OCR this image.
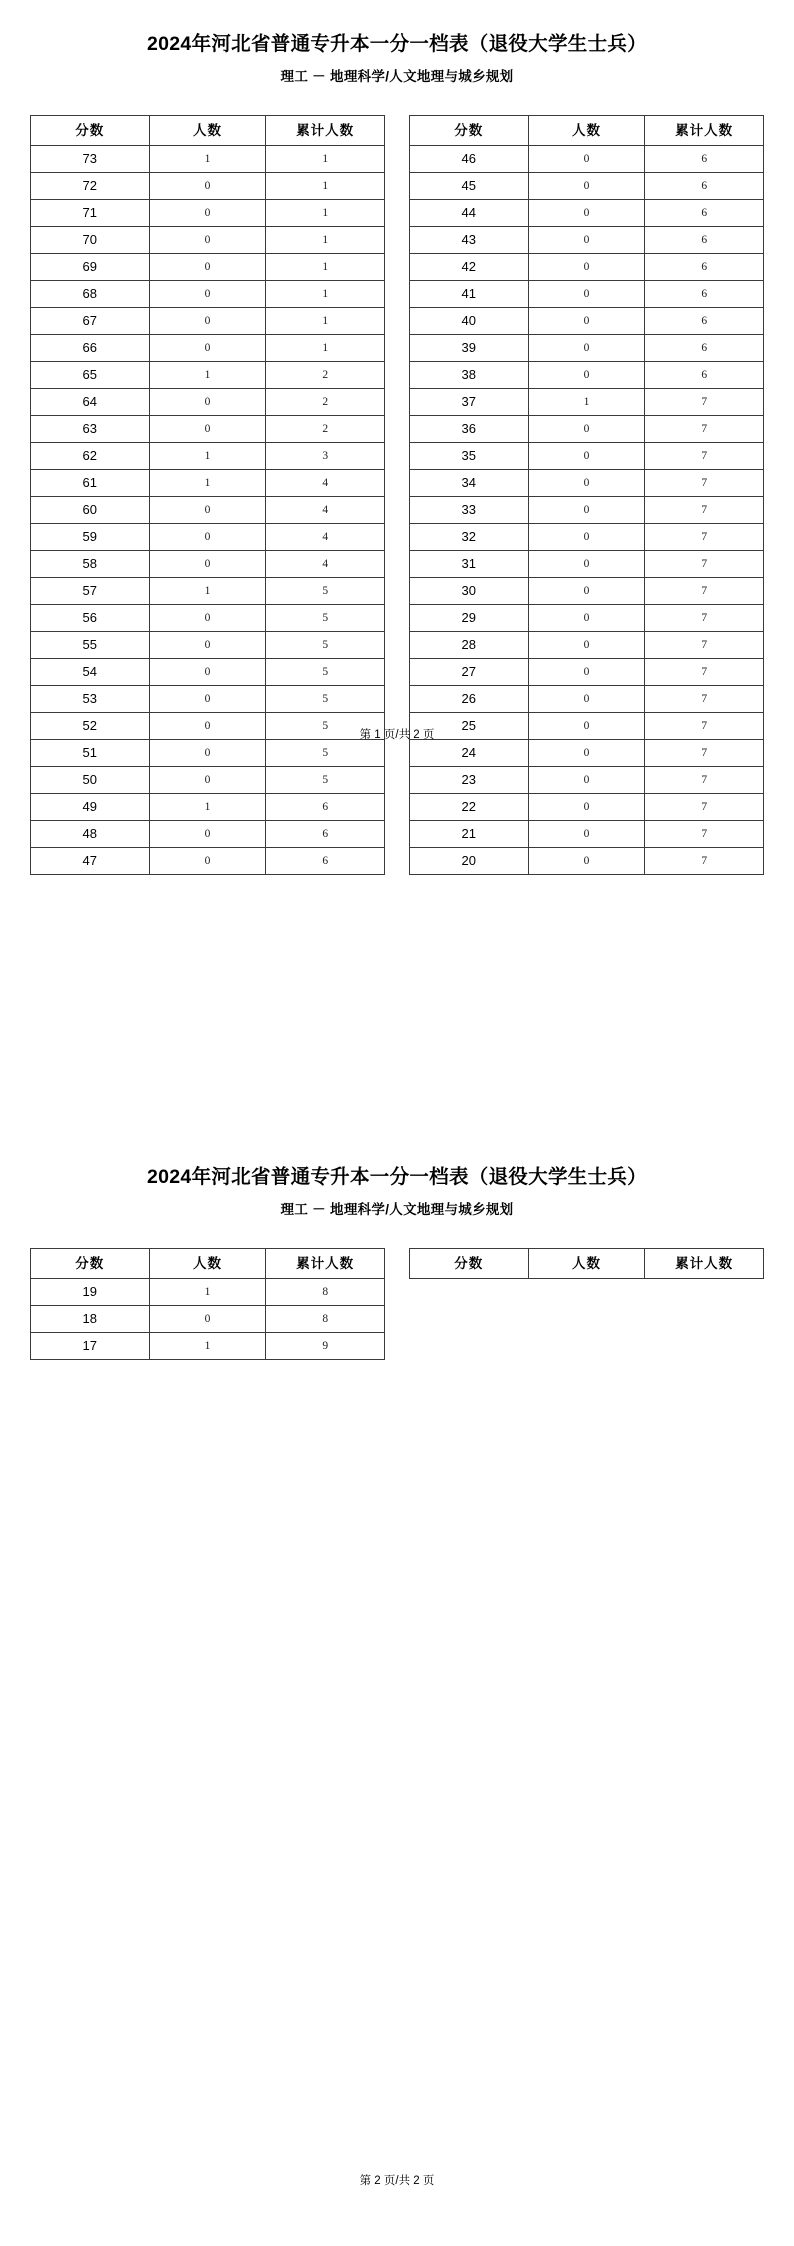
2024年河北省普通专升本一分一档表（退役大学生士兵）
理工 － 地理科学/人文地理与城乡规划
分数	人数	累计人数
73	1	1
72	0	1
71	0	1
70	0	1
69	0	1
68	0	1
67	0	1
66	0	1
65	1	2
64	0	2
63	0	2
62	1	3
61	1	4
60	0	4
59	0	4
58	0	4
57	1	5
56	0	5
55	0	5
54	0	5
53	0	5
52	0	5
51	0	5
50	0	5
49	1	6
48	0	6
47	0	6
分数	人数	累计人数
46	0	6
45	0	6
44	0	6
43	0	6
42	0	6
41	0	6
40	0	6
39	0	6
38	0	6
37	1	7
36	0	7
35	0	7
34	0	7
33	0	7
32	0	7
31	0	7
30	0	7
29	0	7
28	0	7
27	0	7
26	0	7
25	0	7
24	0	7
23	0	7
22	0	7
21	0	7
20	0	7
第 1 页/共 2 页
2024年河北省普通专升本一分一档表（退役大学生士兵）
理工 － 地理科学/人文地理与城乡规划
分数	人数	累计人数
19	1	8
18	0	8
17	1	9
分数	人数	累计人数
第 2 页/共 2 页
